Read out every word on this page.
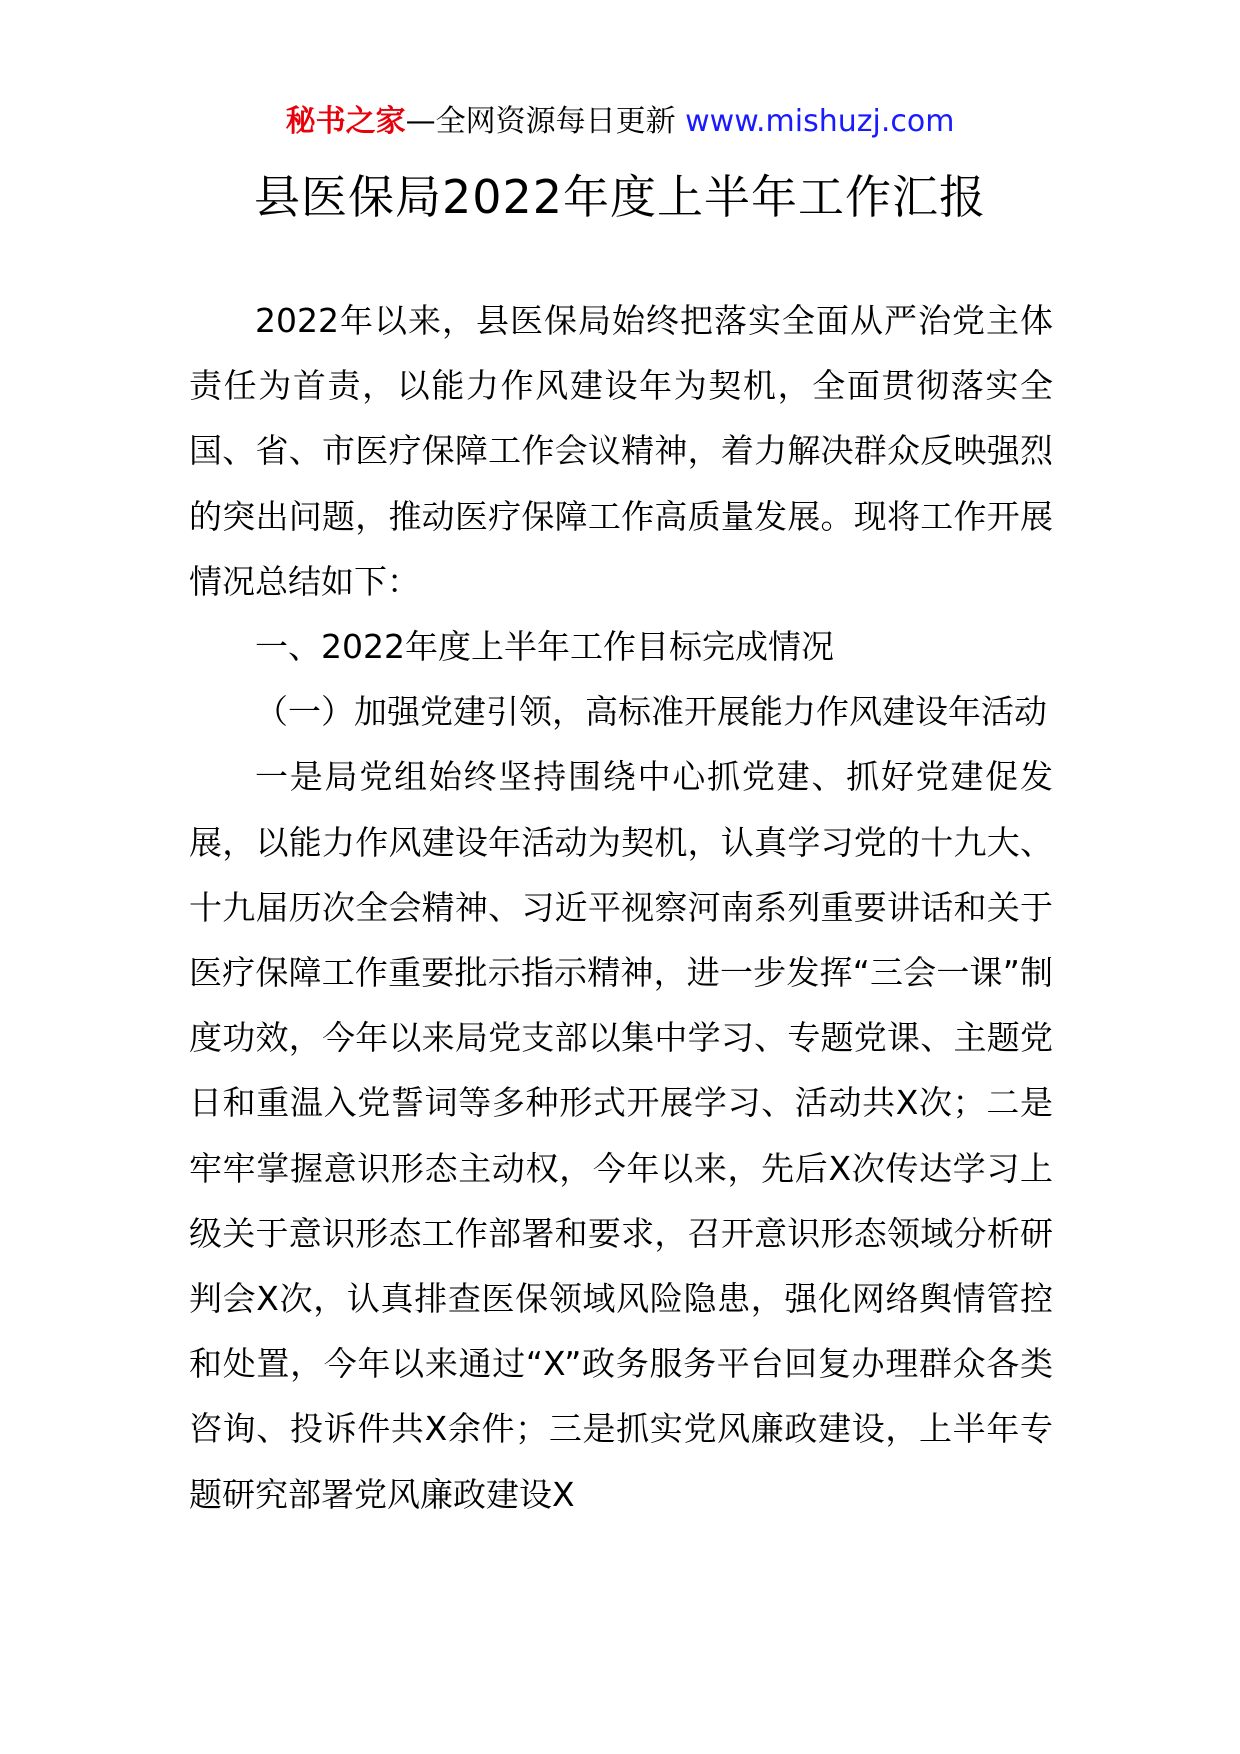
秘书之家—全网资源每日更新 www.mishuzj.com
县医保局2022年度上半年工作汇报

2022年以来，县医保局始终把落实全面从严治党主体责任为首责，以能力作风建设年为契机，全面贯彻落实全国、省、市医疗保障工作会议精神，着力解决群众反映强烈的突出问题，推动医疗保障工作高质量发展。现将工作开展情况总结如下：

一、2022年度上半年工作目标完成情况

（一）加强党建引领，高标准开展能力作风建设年活动

一是局党组始终坚持围绕中心抓党建、抓好党建促发展，以能力作风建设年活动为契机，认真学习党的十九大、十九届历次全会精神、习近平视察河南系列重要讲话和关于医疗保障工作重要批示指示精神，进一步发挥“三会一课”制度功效，今年以来局党支部以集中学习、专题党课、主题党日和重温入党誓词等多种形式开展学习、活动共X次；二是牢牢掌握意识形态主动权，今年以来，先后X次传达学习上级关于意识形态工作部署和要求，召开意识形态领域分析研判会X次，认真排查医保领域风险隐患，强化网络舆情管控和处置，今年以来通过“X”政务服务平台回复办理群众各类咨询、投诉件共X余件；三是抓实党风廉政建设，上半年专题研究部署党风廉政建设X
